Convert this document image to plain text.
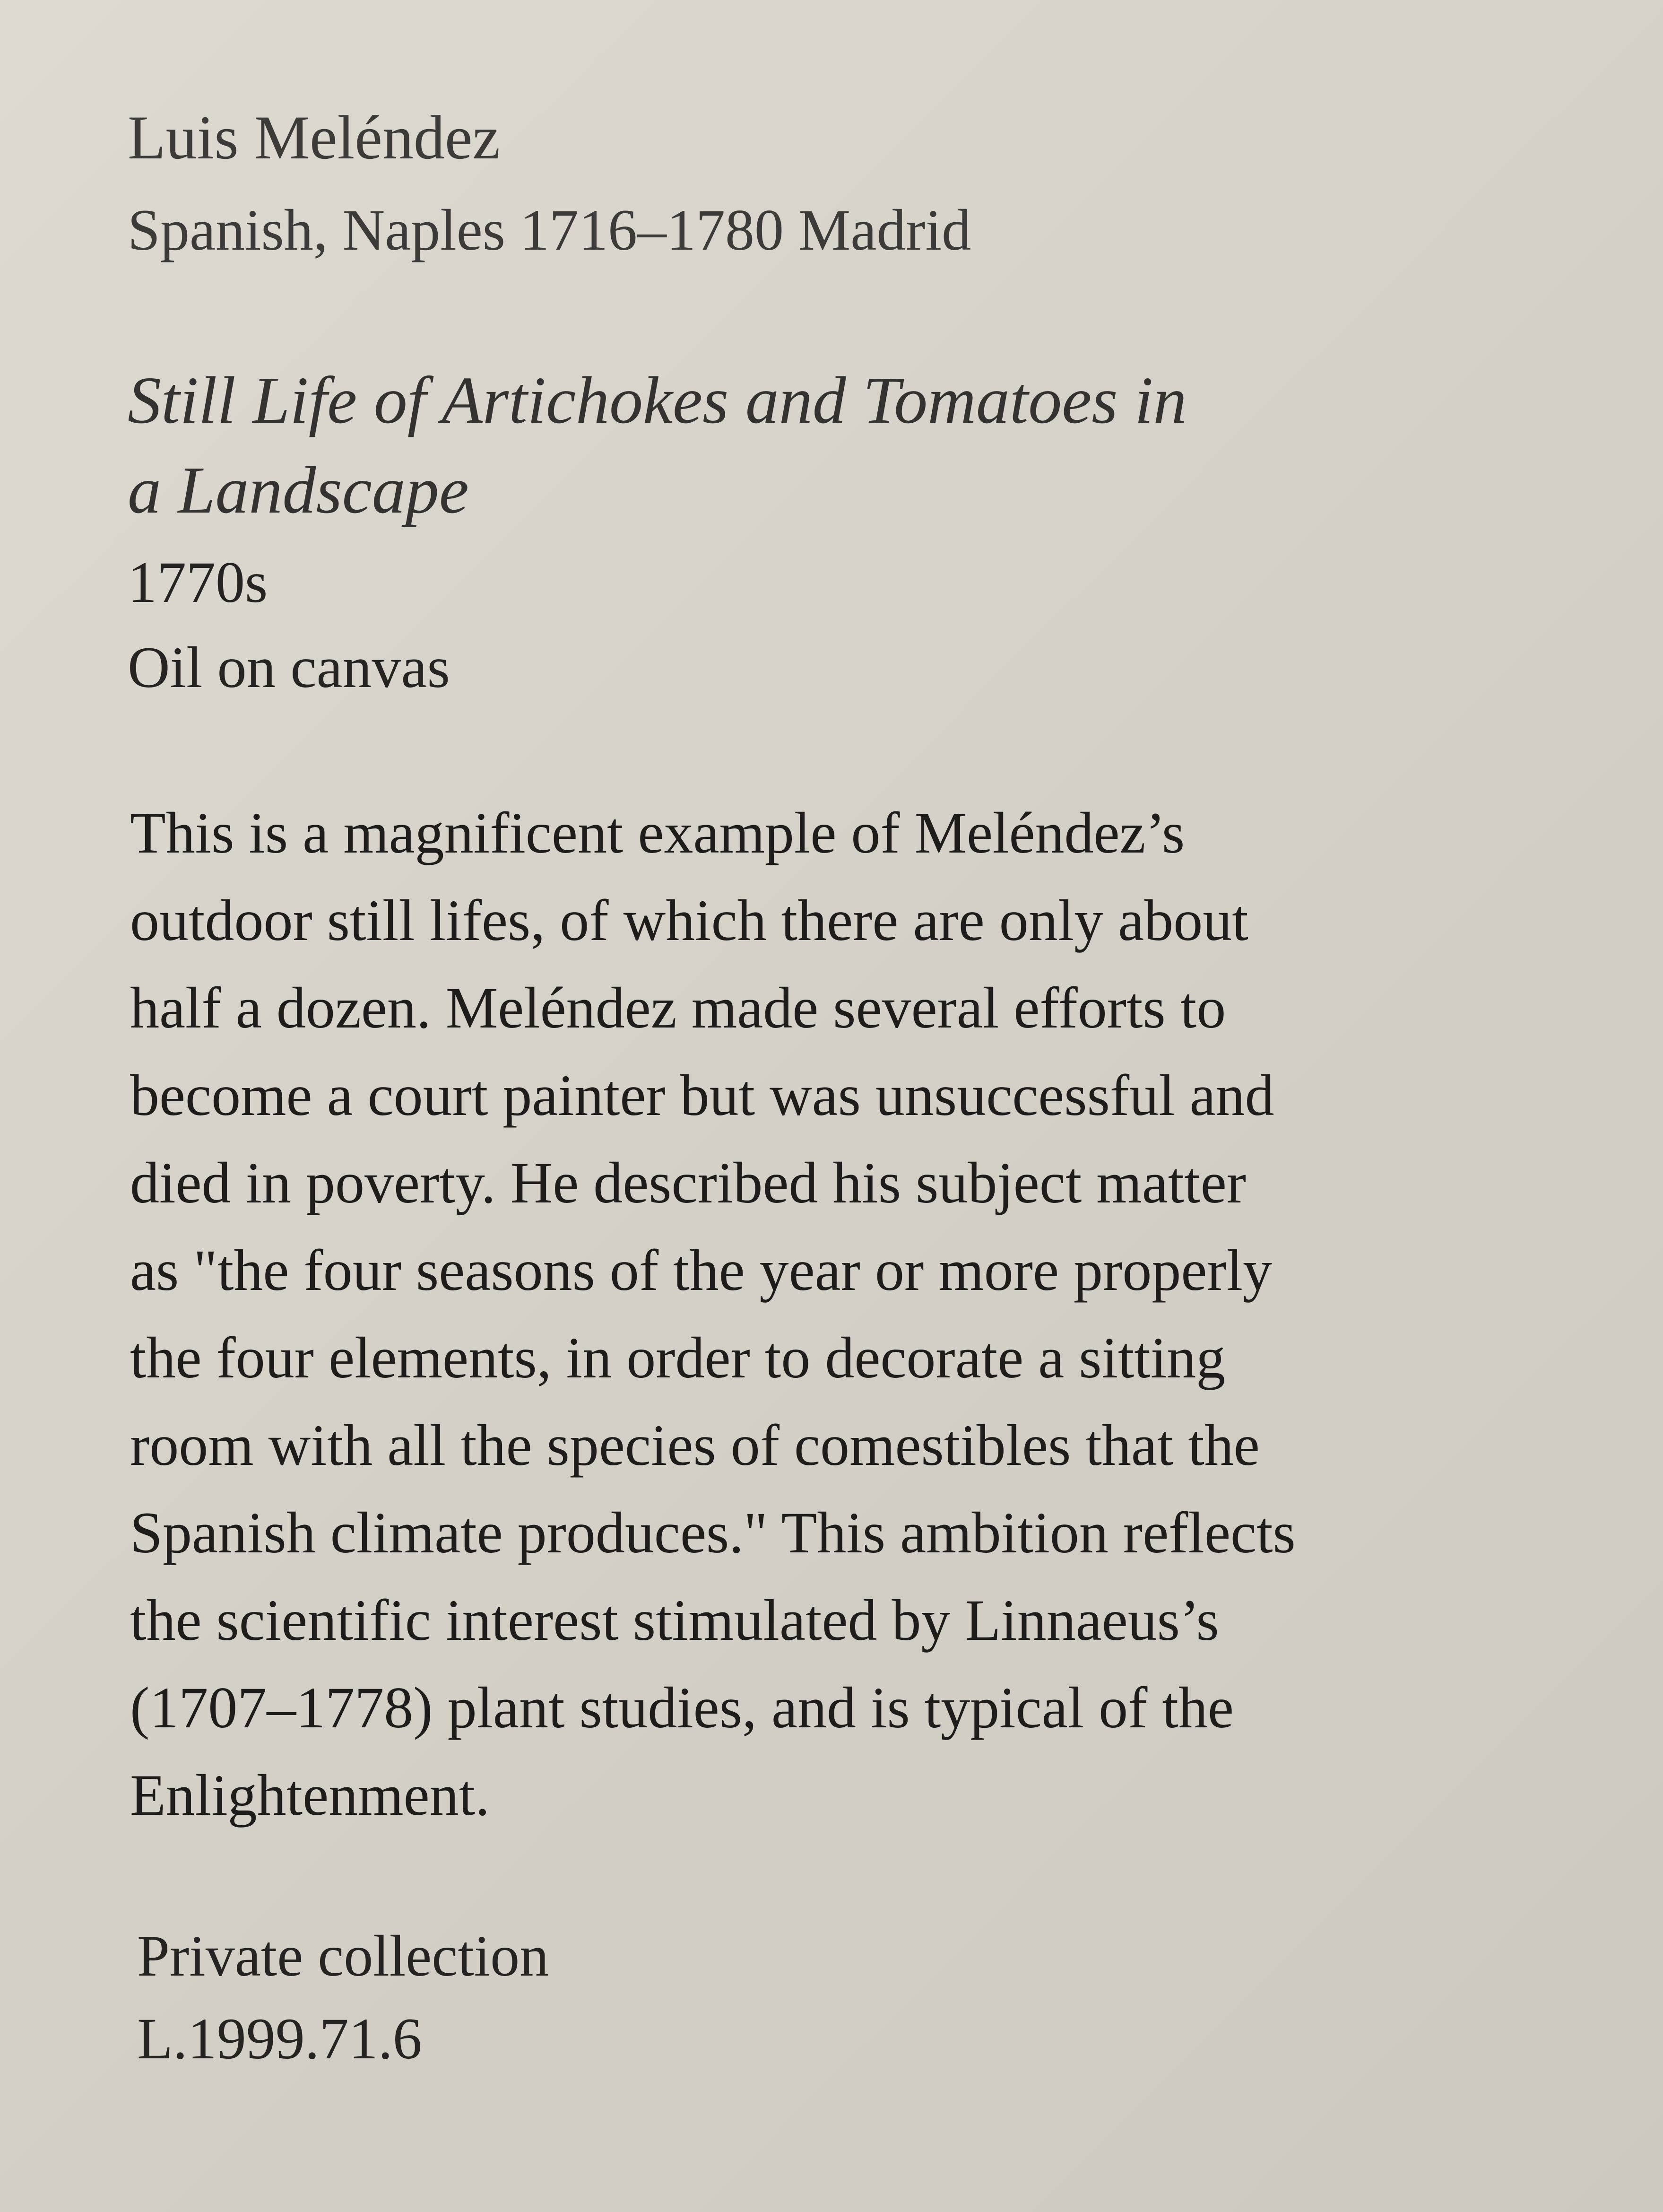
Luis Meléndez

Spanish, Naples 1716–1780 Madrid

Still Life of Artichokes and Tomatoes in

a Landscape

1770s

Oil on canvas

This is a magnificent example of Meléndez’s

outdoor still lifes, of which there are only about

half a dozen. Meléndez made several efforts to

become a court painter but was unsuccessful and

died in poverty. He described his subject matter

as "the four seasons of the year or more properly

the four elements, in order to decorate a sitting

room with all the species of comestibles that the

Spanish climate produces." This ambition reflects

the scientific interest stimulated by Linnaeus’s

(1707–1778) plant studies, and is typical of the

Enlightenment.

Private collection

L.1999.71.6
